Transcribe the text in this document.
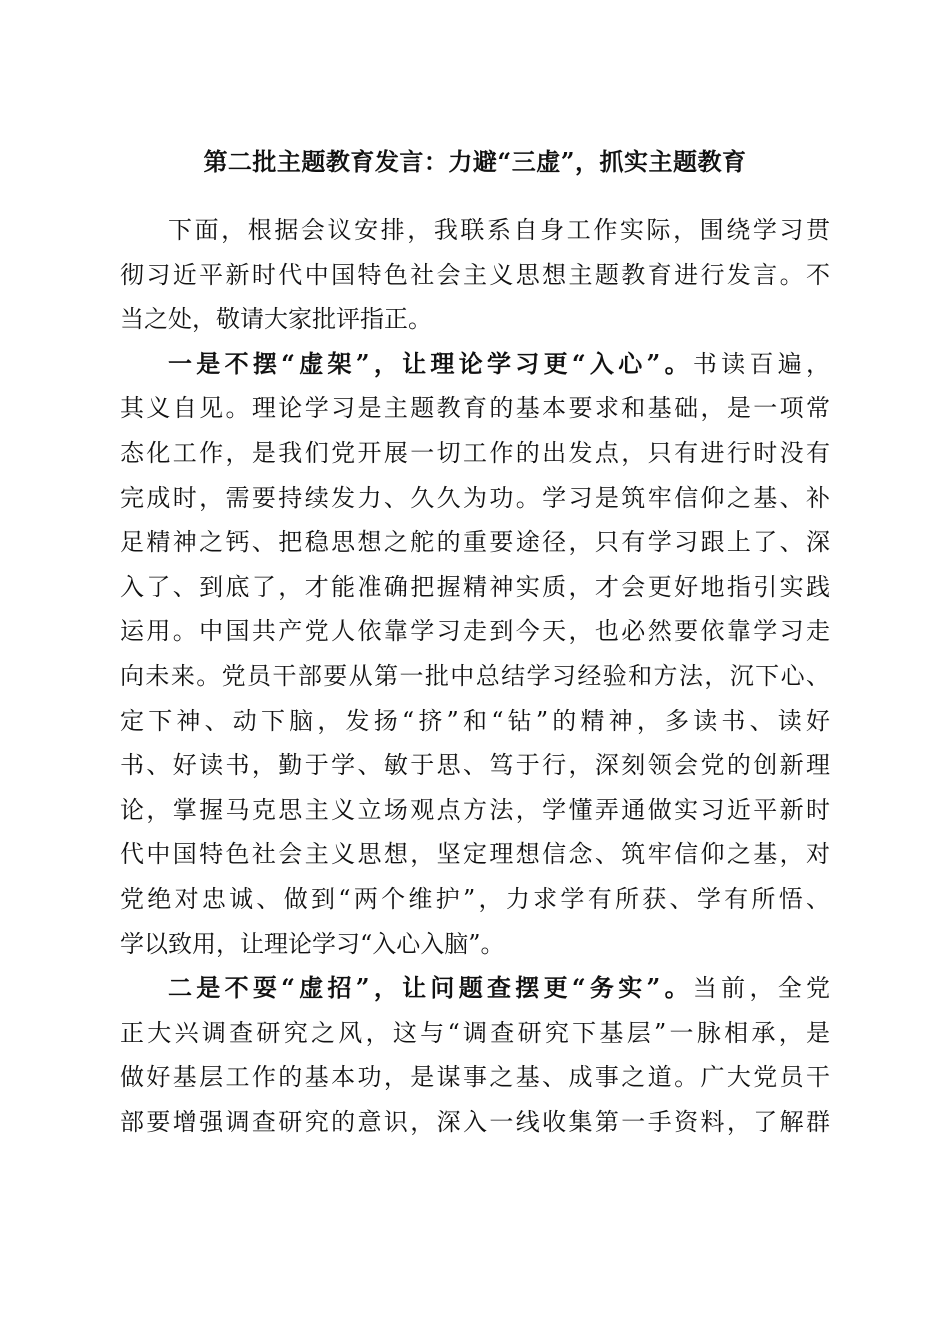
第二批主题教育发言：力避“三虚”，抓实主题教育

下面，根据会议安排，我联系自身工作实际，围绕学习贯
彻习近平新时代中国特色社会主义思想主题教育进行发言。不
当之处，敬请大家批评指正。

一是不摆“虚架”，让理论学习更“入心”。书读百遍，
其义自见。理论学习是主题教育的基本要求和基础，是一项常
态化工作，是我们党开展一切工作的出发点，只有进行时没有
完成时，需要持续发力、久久为功。学习是筑牢信仰之基、补
足精神之钙、把稳思想之舵的重要途径，只有学习跟上了、深
入了、到底了，才能准确把握精神实质，才会更好地指引实践
运用。中国共产党人依靠学习走到今天，也必然要依靠学习走
向未来。党员干部要从第一批中总结学习经验和方法，沉下心、
定下神、动下脑，发扬“挤”和“钻”的精神，多读书、读好
书、好读书，勤于学、敏于思、笃于行，深刻领会党的创新理
论，掌握马克思主义立场观点方法，学懂弄通做实习近平新时
代中国特色社会主义思想，坚定理想信念、筑牢信仰之基，对
党绝对忠诚、做到“两个维护”，力求学有所获、学有所悟、
学以致用，让理论学习“入心入脑”。

二是不耍“虚招”，让问题查摆更“务实”。当前，全党
正大兴调查研究之风，这与“调查研究下基层”一脉相承，是
做好基层工作的基本功，是谋事之基、成事之道。广大党员干
部要增强调查研究的意识，深入一线收集第一手资料，了解群
